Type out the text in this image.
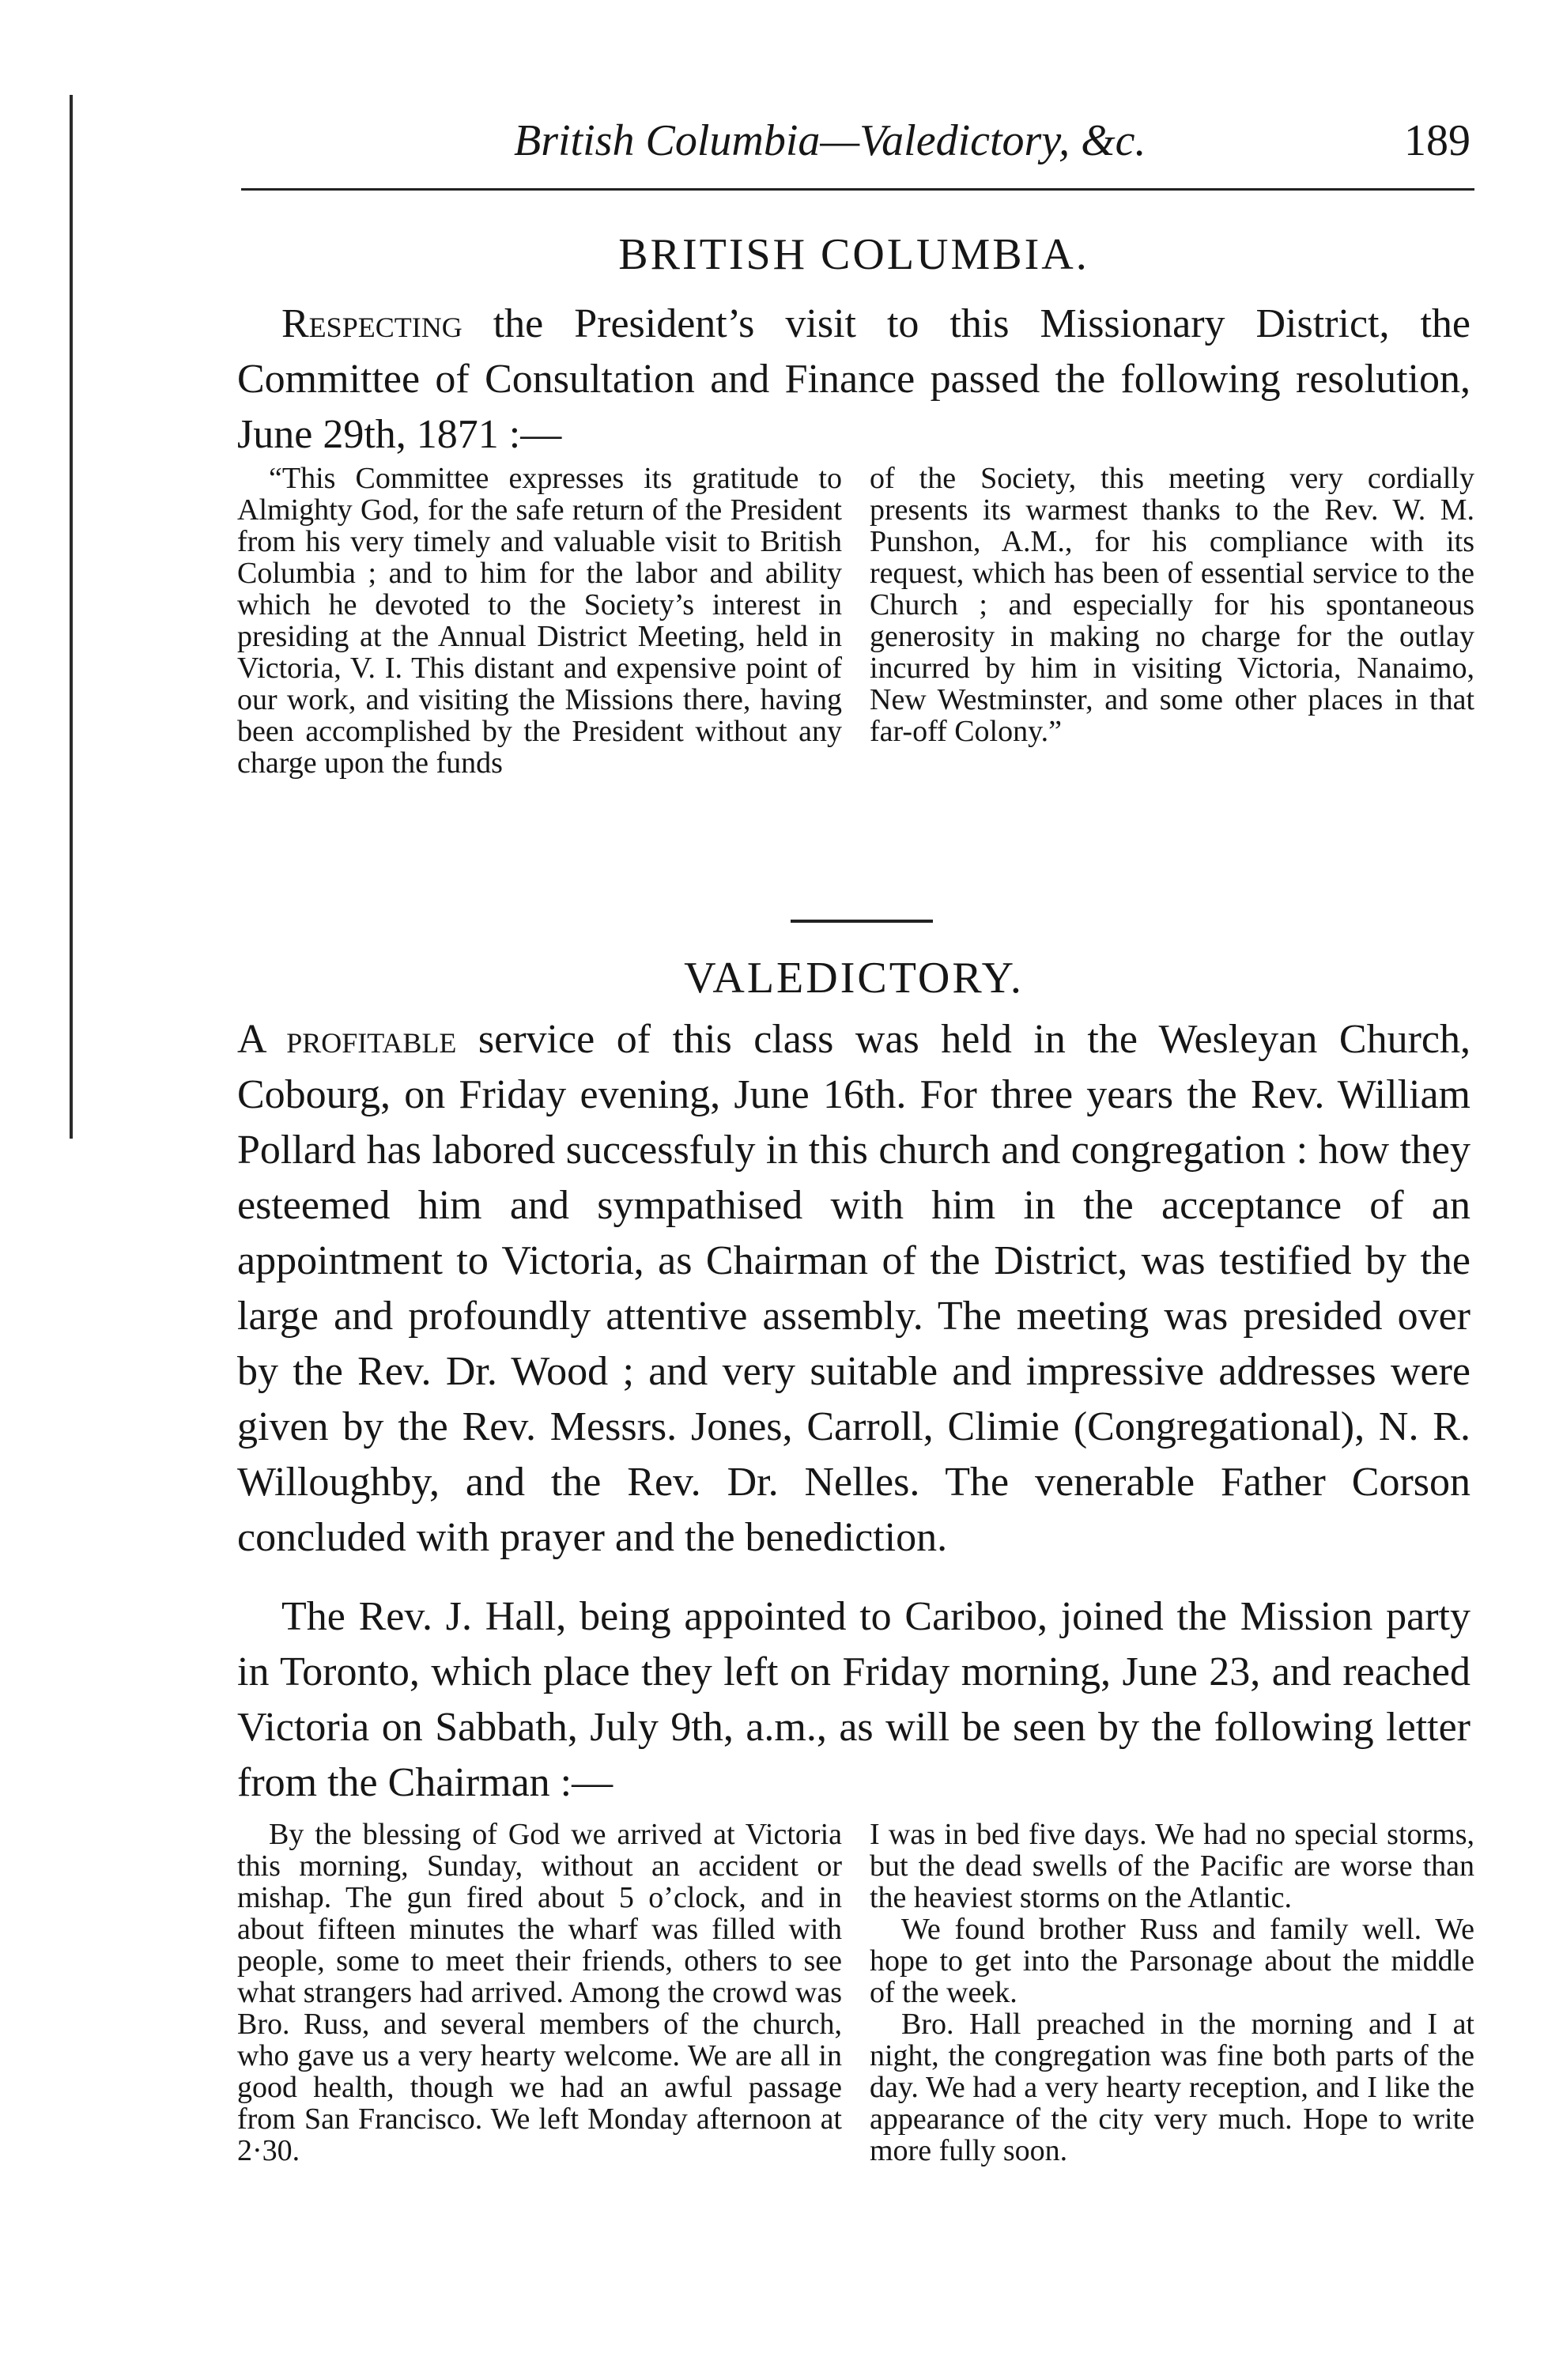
British Columbia—Valedictory, &c.	189
BRITISH COLUMBIA.
Respecting the President’s visit to this Missionary District, the Committee of Consultation and Finance passed the following resolution, June 29th, 1871 :—

“This Committee expresses its gratitude to Almighty God, for the safe return of the President from his very timely and valuable visit to British Columbia ; and to him for the labor and ability which he devoted to the Society’s interest in presiding at the Annual District Meeting, held in Victoria, V. I. This distant and expensive point of our work, and visiting the Missions there, having been accomplished by the President without any charge upon the funds

of the Society, this meeting very cordially presents its warmest thanks to the Rev. W. M. Punshon, A.M., for his compliance with its request, which has been of essential service to the Church ; and especially for his spontaneous generosity in making no charge for the outlay incurred by him in visiting Victoria, Nanaimo, New Westminster, and some other places in that far-off Colony.”

VALEDICTORY.
A profitable service of this class was held in the Wesleyan Church, Cobourg, on Friday evening, June 16th. For three years the Rev. William Pollard has labored successfuly in this church and congregation : how they esteemed him and sympathised with him in the acceptance of an appointment to Victoria, as Chairman of the District, was testified by the large and profoundly attentive assembly. The meeting was presided over by the Rev. Dr. Wood ; and very suitable and impressive addresses were given by the Rev. Messrs. Jones, Carroll, Climie (Congregational), N. R. Willoughby, and the Rev. Dr. Nelles. The venerable Father Corson concluded with prayer and the benediction.
The Rev. J. Hall, being appointed to Cariboo, joined the Mission party in Toronto, which place they left on Friday morning, June 23, and reached Victoria on Sabbath, July 9th, a.m., as will be seen by the following letter from the Chairman :—

By the blessing of God we arrived at Victoria this morning, Sunday, without an accident or mishap. The gun fired about 5 o’clock, and in about fifteen minutes the wharf was filled with people, some to meet their friends, others to see what strangers had arrived. Among the crowd was Bro. Russ, and several members of the church, who gave us a very hearty welcome. We are all in good health, though we had an awful passage from San Francisco. We left Monday afternoon at 2·30.

I was in bed five days. We had no special storms, but the dead swells of the Pacific are worse than the heaviest storms on the Atlantic.

We found brother Russ and family well. We hope to get into the Parsonage about the middle of the week.

Bro. Hall preached in the morning and I at night, the congregation was fine both parts of the day. We had a very hearty reception, and I like the appearance of the city very much. Hope to write more fully soon.
